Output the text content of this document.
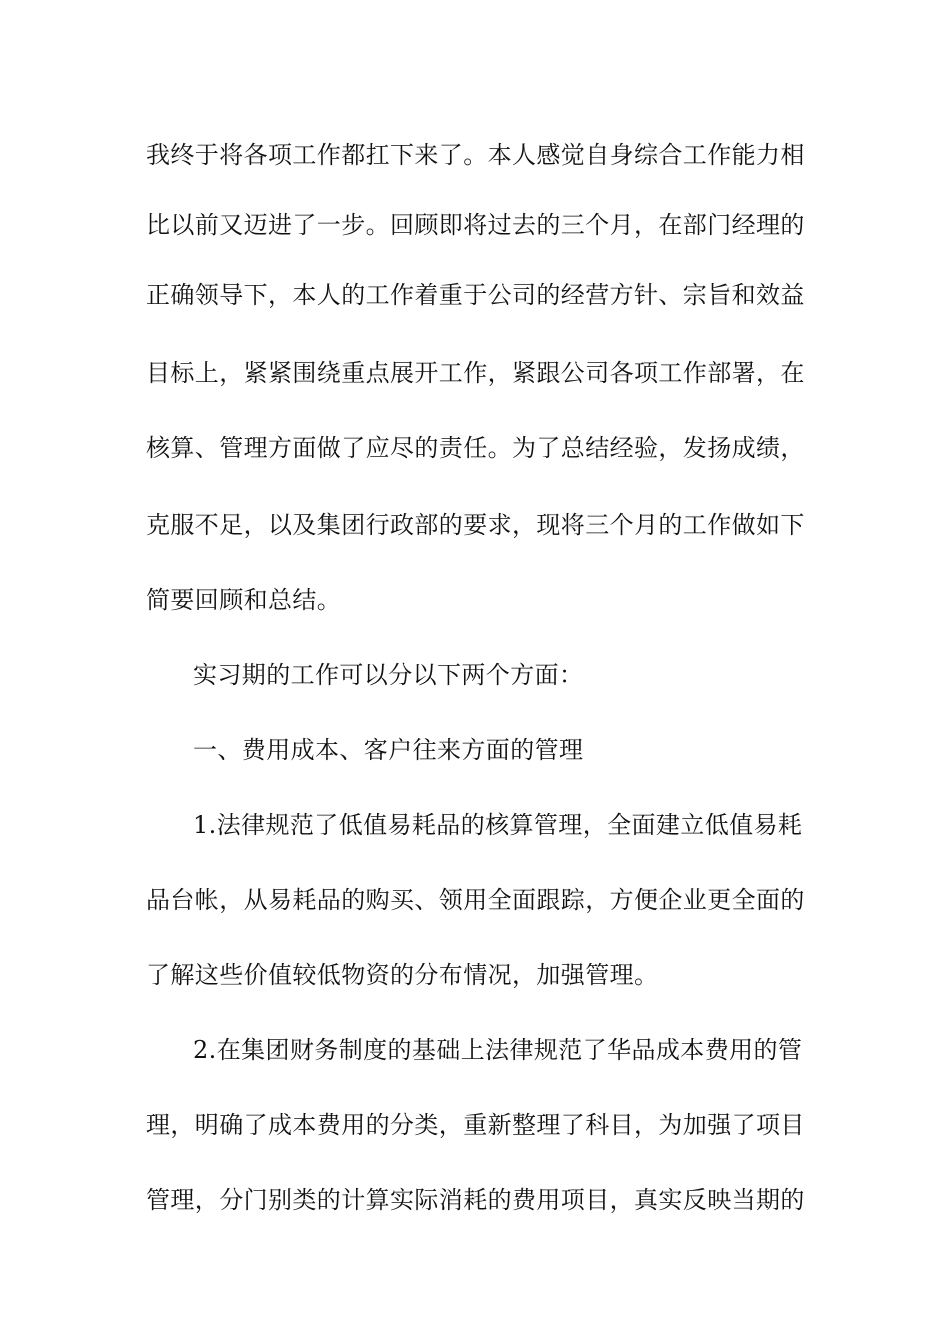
我终于将各项工作都扛下来了。本人感觉自身综合工作能力相
比以前又迈进了一步。回顾即将过去的三个月，在部门经理的
正确领导下，本人的工作着重于公司的经营方针、宗旨和效益
目标上，紧紧围绕重点展开工作，紧跟公司各项工作部署，在
核算、管理方面做了应尽的责任。为了总结经验，发扬成绩，
克服不足，以及集团行政部的要求，现将三个月的工作做如下
简要回顾和总结。
实习期的工作可以分以下两个方面：
一、费用成本、客户往来方面的管理
1.法律规范了低值易耗品的核算管理，全面建立低值易耗
品台帐，从易耗品的购买、领用全面跟踪，方便企业更全面的
了解这些价值较低物资的分布情况，加强管理。
2.在集团财务制度的基础上法律规范了华品成本费用的管
理，明确了成本费用的分类，重新整理了科目，为加强了项目
管理，分门别类的计算实际消耗的费用项目，真实反映当期的
